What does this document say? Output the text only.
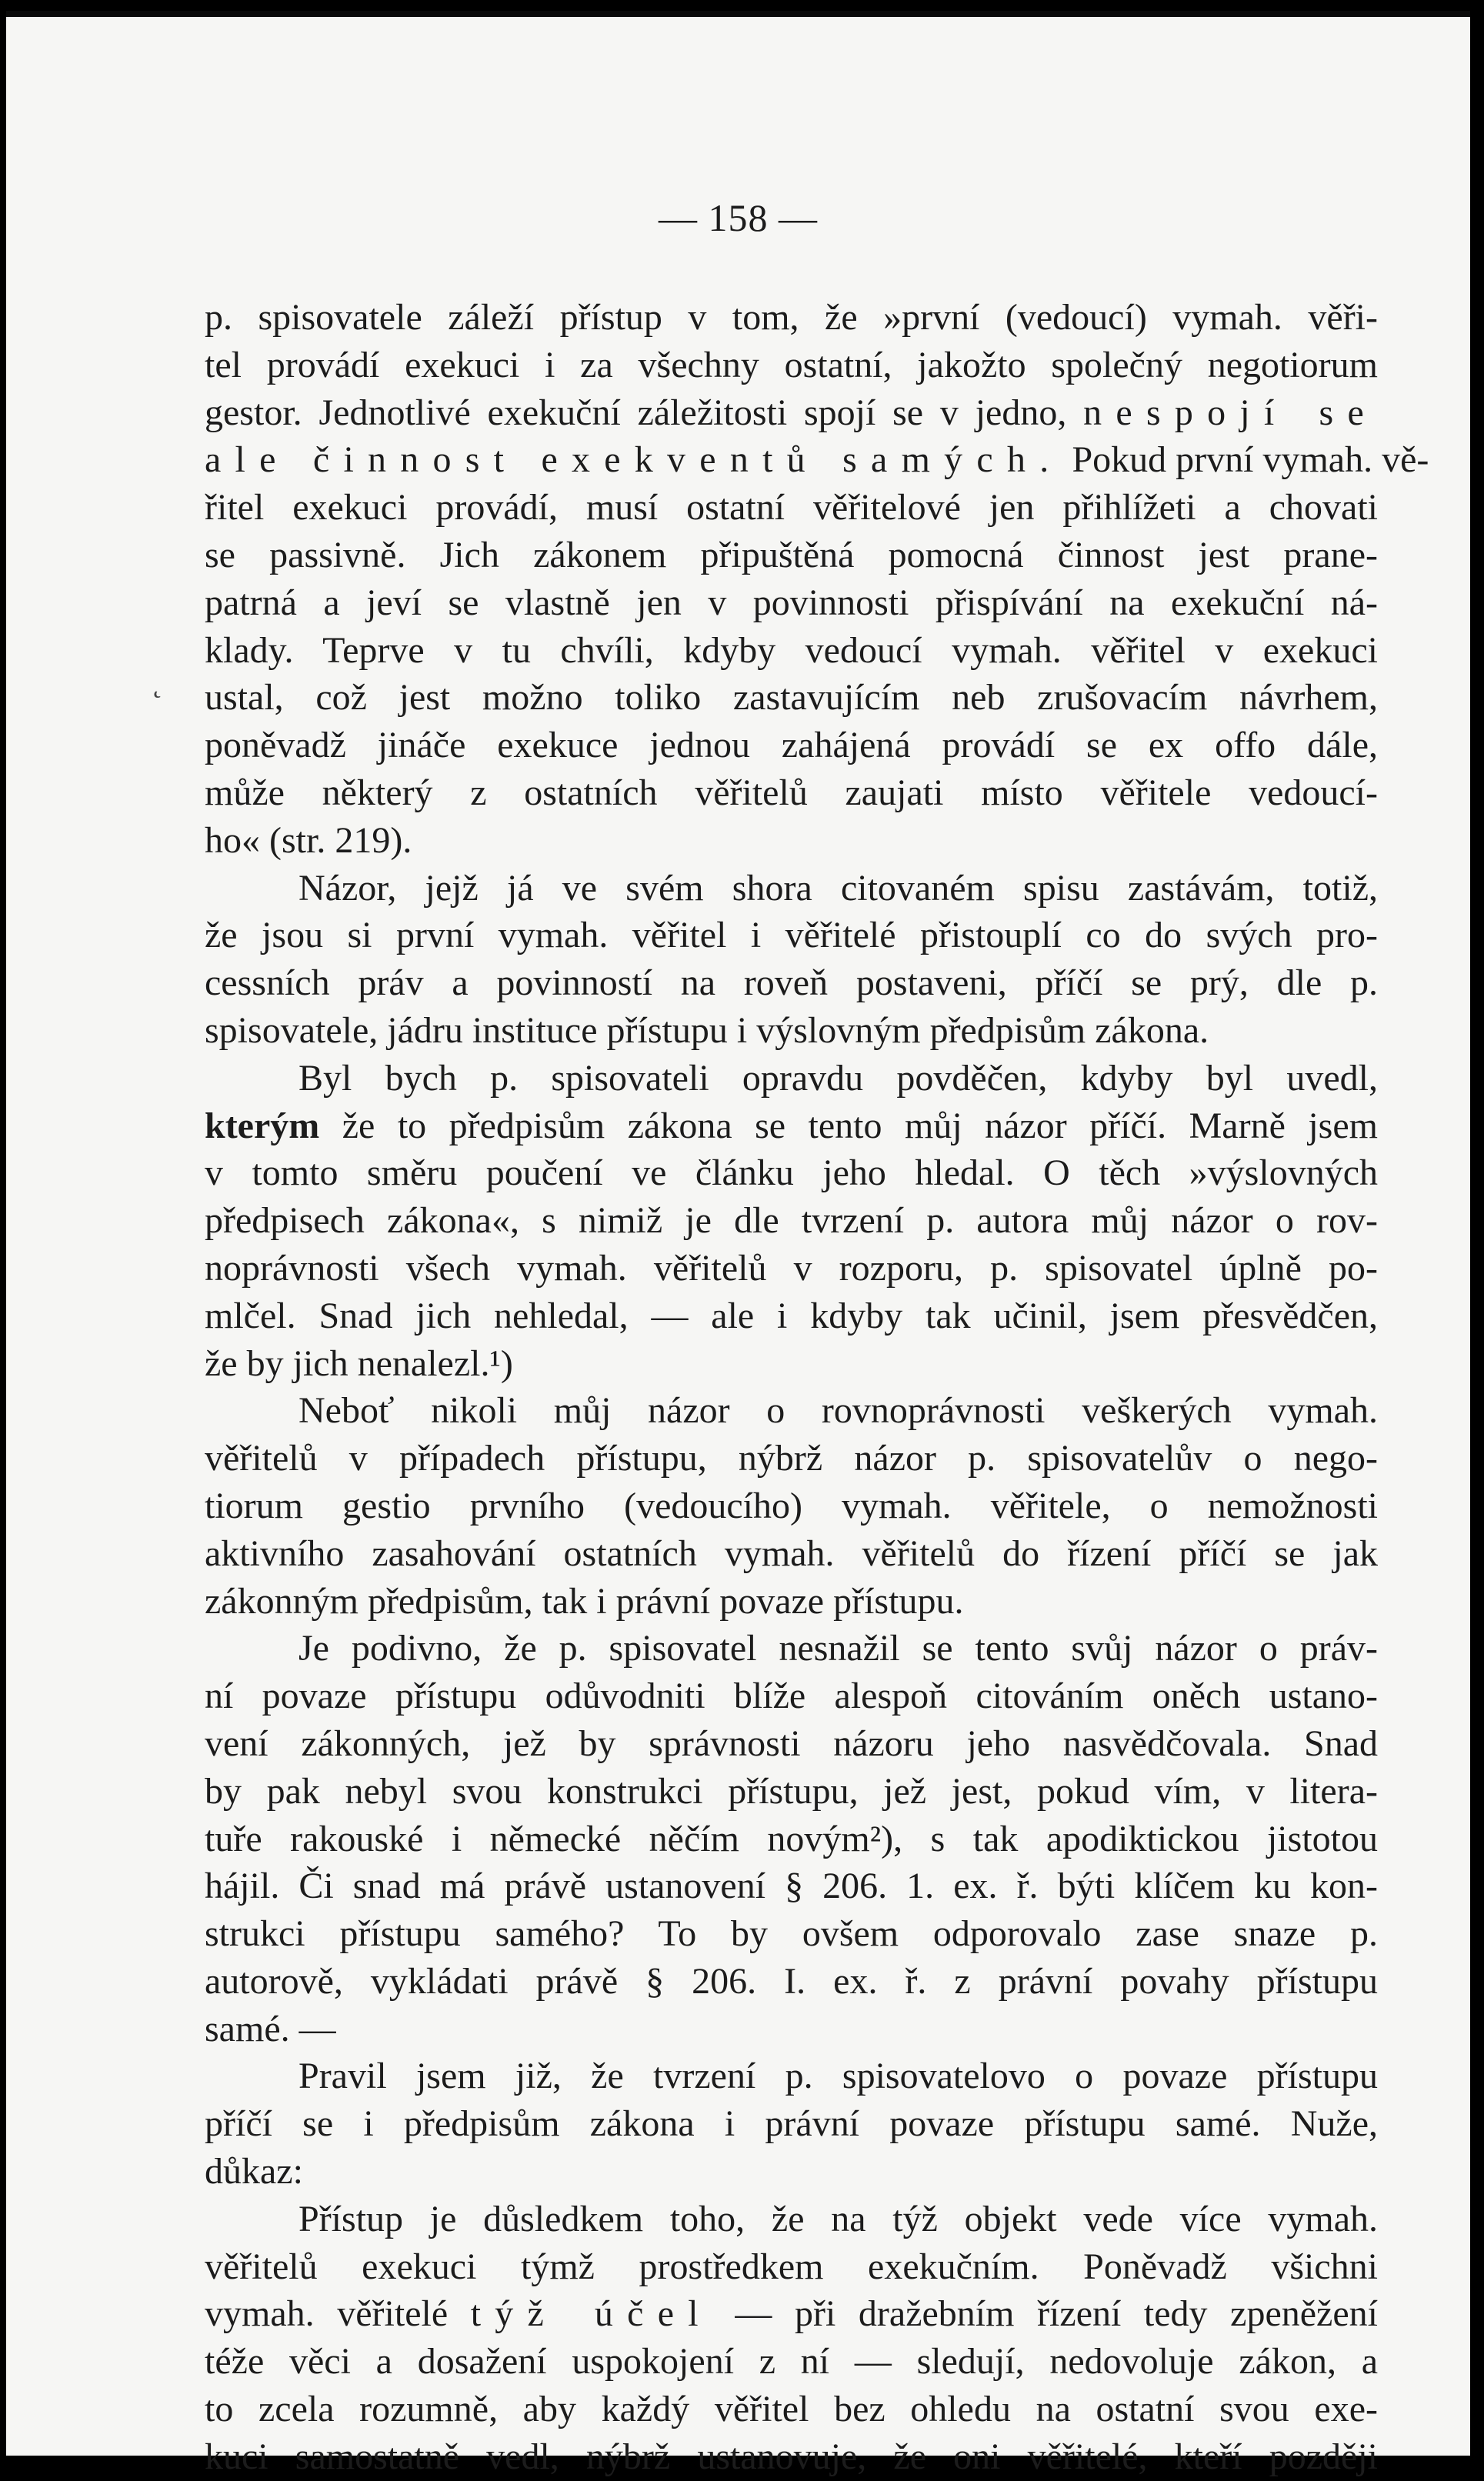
— 158 —
˛
p. spisovatele záleží přístup v tom, že »první (vedoucí) vymah. věři-
tel provádí exekuci i za všechny ostatní, jakožto společný negotiorum
gestor. Jednotlivé exekuční záležitosti spojí se v jedno, nespojí se
ale činnost exekventů samých. Pokud první vymah. vě-
řitel exekuci provádí, musí ostatní věřitelové jen přihlížeti a chovati
se passivně. Jich zákonem připuštěná pomocná činnost jest prane-
patrná a jeví se vlastně jen v povinnosti přispívání na exekuční ná-
klady. Teprve v tu chvíli, kdyby vedoucí vymah. věřitel v exekuci
ustal, což jest možno toliko zastavujícím neb zrušovacím návrhem,
poněvadž jináče exekuce jednou zahájená provádí se ex offo dále,
může některý z ostatních věřitelů zaujati místo věřitele vedoucí-
ho« (str. 219).
Názor, jejž já ve svém shora citovaném spisu zastávám, totiž,
že jsou si první vymah. věřitel i věřitelé přistouplí co do svých pro-
cessních práv a povinností na roveň postaveni, příčí se prý, dle p.
spisovatele, jádru instituce přístupu i výslovným předpisům zákona.
Byl bych p. spisovateli opravdu povděčen, kdyby byl uvedl,
kterým že to předpisům zákona se tento můj názor příčí. Marně jsem
v tomto směru poučení ve článku jeho hledal. O těch »výslovných
předpisech zákona«, s nimiž je dle tvrzení p. autora můj názor o rov-
noprávnosti všech vymah. věřitelů v rozporu, p. spisovatel úplně po-
mlčel. Snad jich nehledal, — ale i kdyby tak učinil, jsem přesvědčen,
že by jich nenalezl.¹)
Neboť nikoli můj názor o rovnoprávnosti veškerých vymah.
věřitelů v případech přístupu, nýbrž názor p. spisovatelův o nego-
tiorum gestio prvního (vedoucího) vymah. věřitele, o nemožnosti
aktivního zasahování ostatních vymah. věřitelů do řízení příčí se jak
zákonným předpisům, tak i právní povaze přístupu.
Je podivno, že p. spisovatel nesnažil se tento svůj názor o práv-
ní povaze přístupu odůvodniti blíže alespoň citováním oněch ustano-
vení zákonných, jež by správnosti názoru jeho nasvědčovala. Snad
by pak nebyl svou konstrukci přístupu, jež jest, pokud vím, v litera-
tuře rakouské i německé něčím novým²), s tak apodiktickou jistotou
hájil. Či snad má právě ustanovení § 206. 1. ex. ř. býti klíčem ku kon-
strukci přístupu samého? To by ovšem odporovalo zase snaze p.
autorově, vykládati právě § 206. I. ex. ř. z právní povahy přístupu
samé. —
Pravil jsem již, že tvrzení p. spisovatelovo o povaze přístupu
příčí se i předpisům zákona i právní povaze přístupu samé. Nuže,
důkaz:
Přístup je důsledkem toho, že na týž objekt vede více vymah.
věřitelů exekuci týmž prostředkem exekučním. Poněvadž všichni
vymah. věřitelé týž účel — při dražebním řízení tedy zpeněžení
téže věci a dosažení uspokojení z ní — sledují, nedovoluje zákon, a
to zcela rozumně, aby každý věřitel bez ohledu na ostatní svou exe-
kuci samostatně vedl, nýbrž ustanovuje, že oni věřitelé, kteří později
